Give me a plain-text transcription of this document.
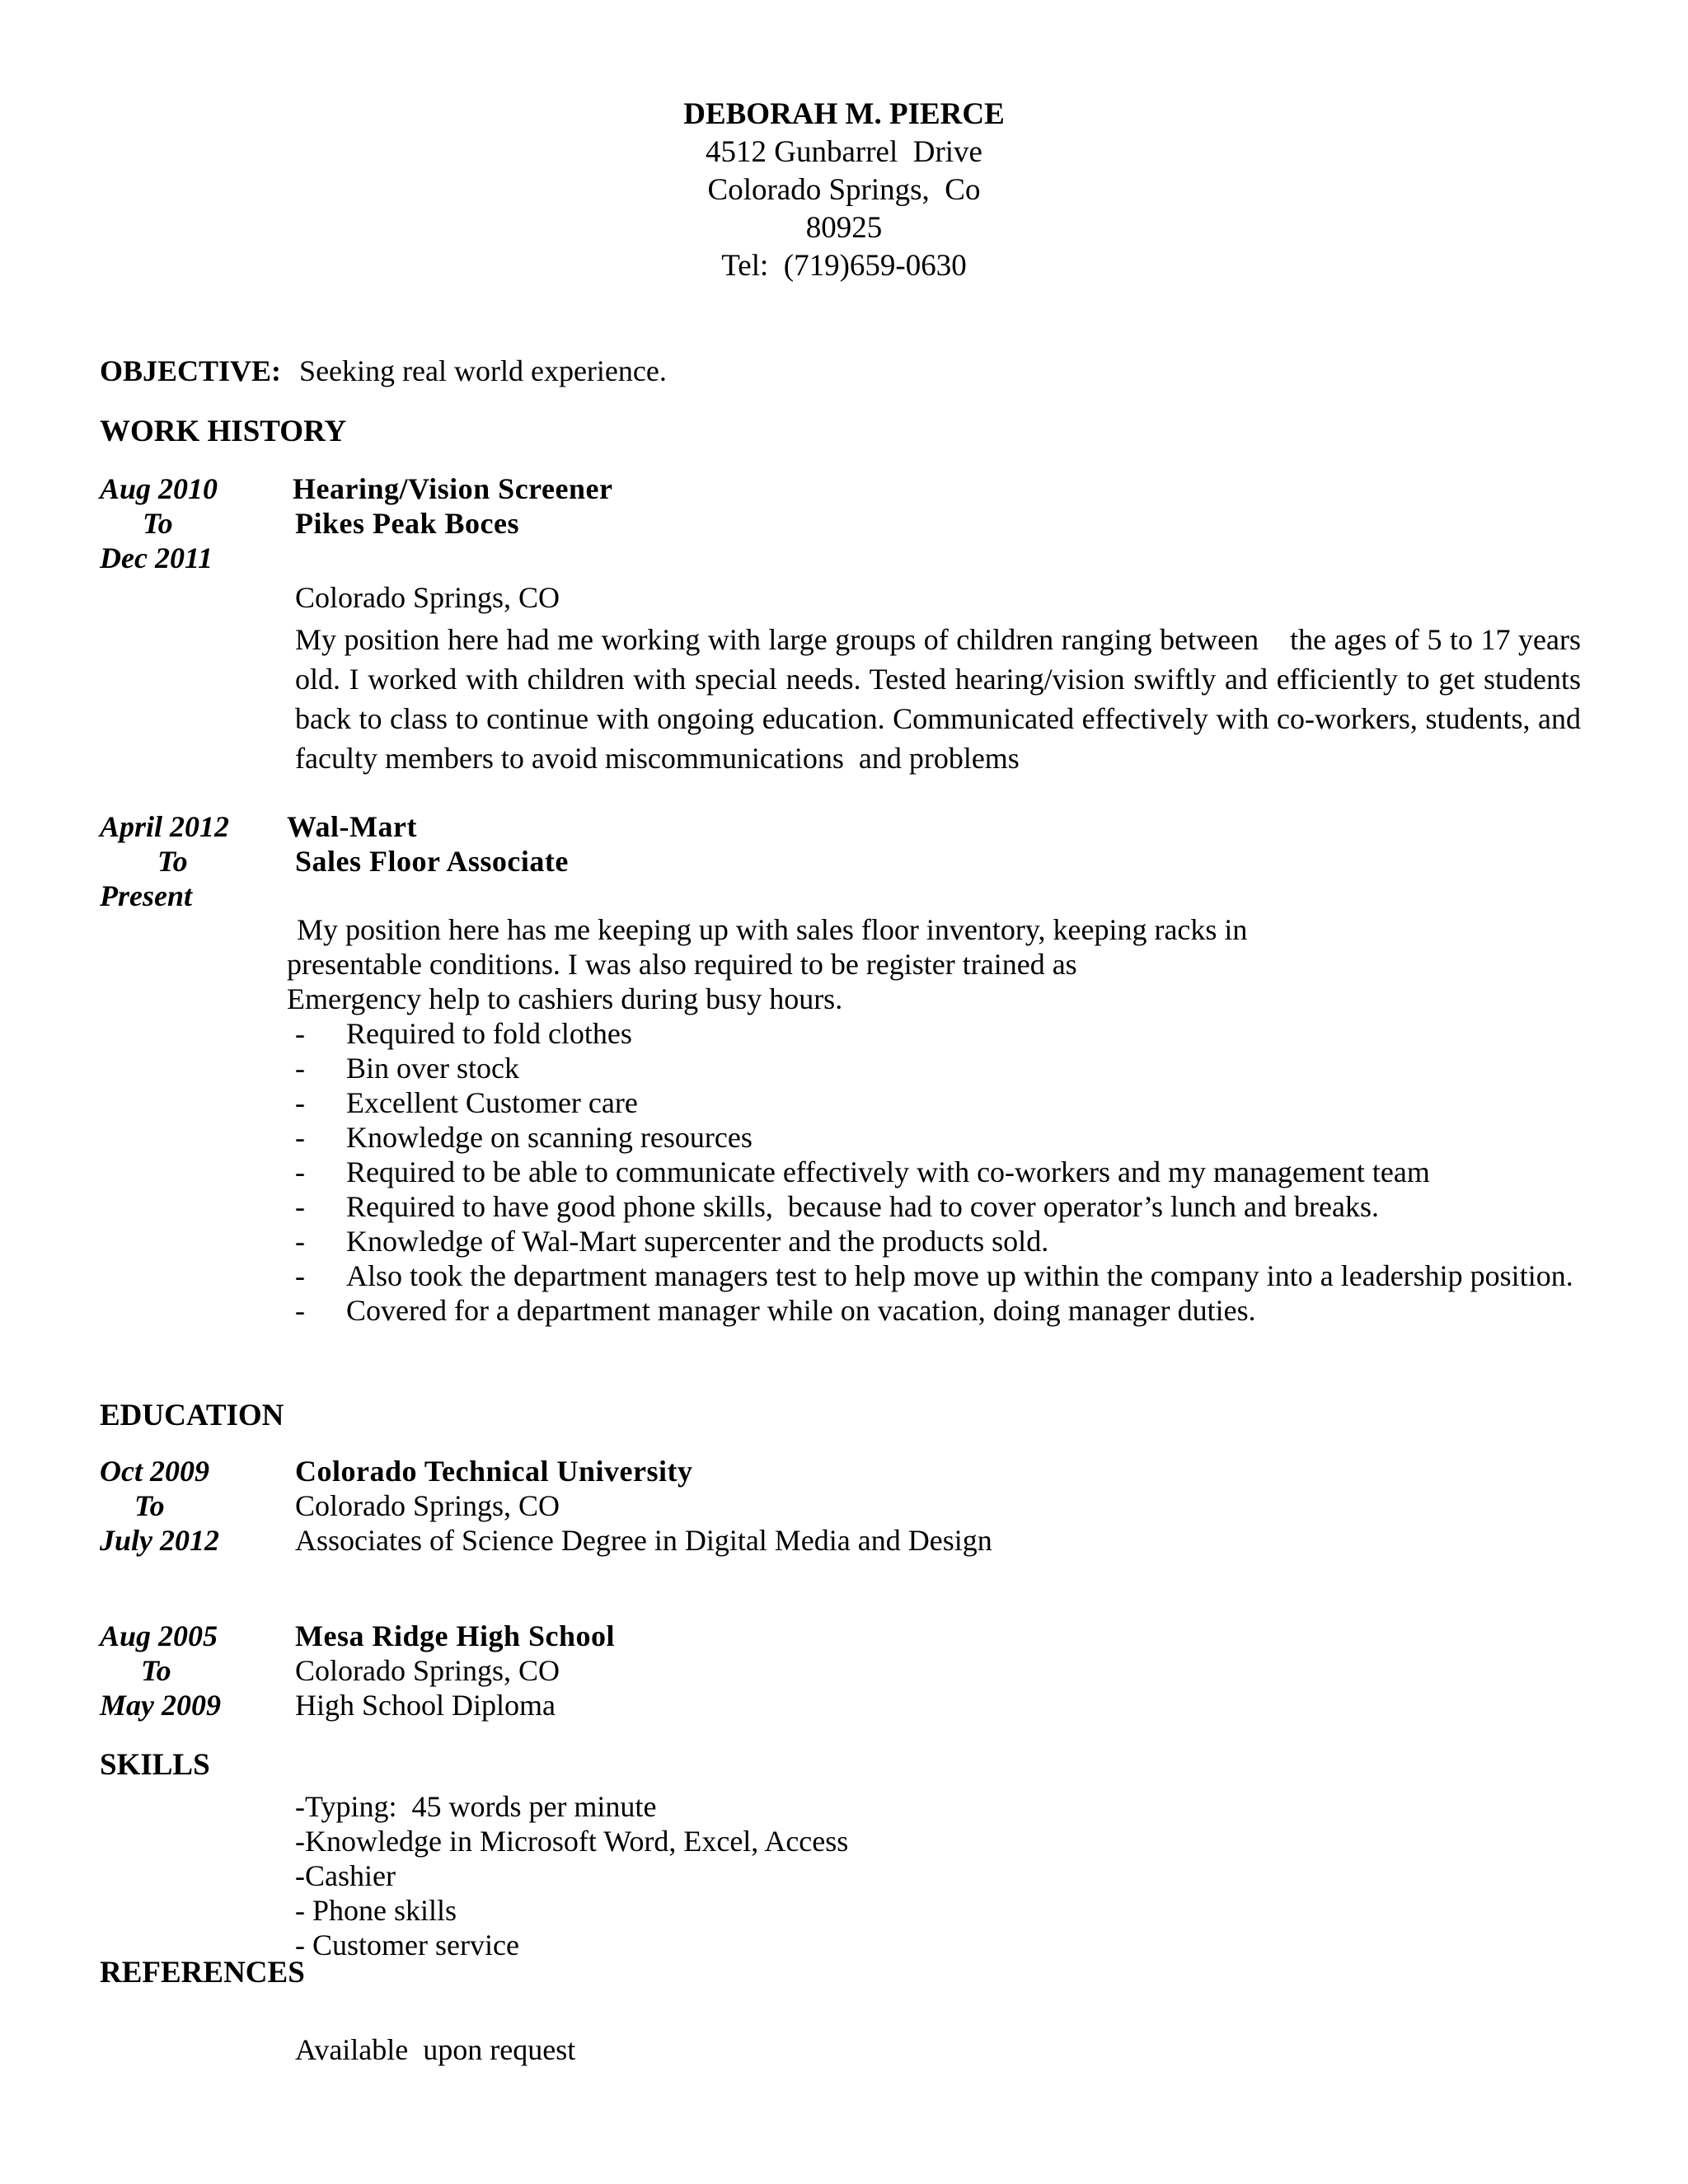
DEBORAH M. PIERCE
4512 Gunbarrel  Drive
Colorado Springs,  Co
80925
Tel:  (719)659-0630
OBJECTIVE: Seeking real world experience.
WORK HISTORY
Aug 2010
To
Dec 2011
Hearing/Vision Screener
Pikes Peak Boces
Colorado Springs, CO
My position here had me working with large groups of children ranging between    the ages of 5 to 17 years old. I worked with children with special needs. Tested hearing/vision swiftly and efficiently to get students back to class to continue with ongoing education. Communicated effectively with co-workers, students, and faculty members to avoid miscommunications  and problems
April 2012
To
Present
Wal-Mart
Sales Floor Associate
My position here has me keeping up with sales floor inventory, keeping racks in
presentable conditions. I was also required to be register trained as
Emergency help to cashiers during busy hours.
- Required to fold clothes
- Bin over stock
- Excellent Customer care
- Knowledge on scanning resources
- Required to be able to communicate effectively with co-workers and my management team
- Required to have good phone skills,  because had to cover operator’s lunch and breaks.
- Knowledge of Wal-Mart supercenter and the products sold.
- Also took the department managers test to help move up within the company into a leadership position.
- Covered for a department manager while on vacation, doing manager duties.
EDUCATION
Oct 2009
To
July 2012
Colorado Technical University
Colorado Springs, CO
Associates of Science Degree in Digital Media and Design
Aug 2005
To
May 2009
Mesa Ridge High School
Colorado Springs, CO
High School Diploma
SKILLS
-Typing:  45 words per minute
-Knowledge in Microsoft Word, Excel, Access
-Cashier
- Phone skills
- Customer service
REFERENCES
Available  upon request
